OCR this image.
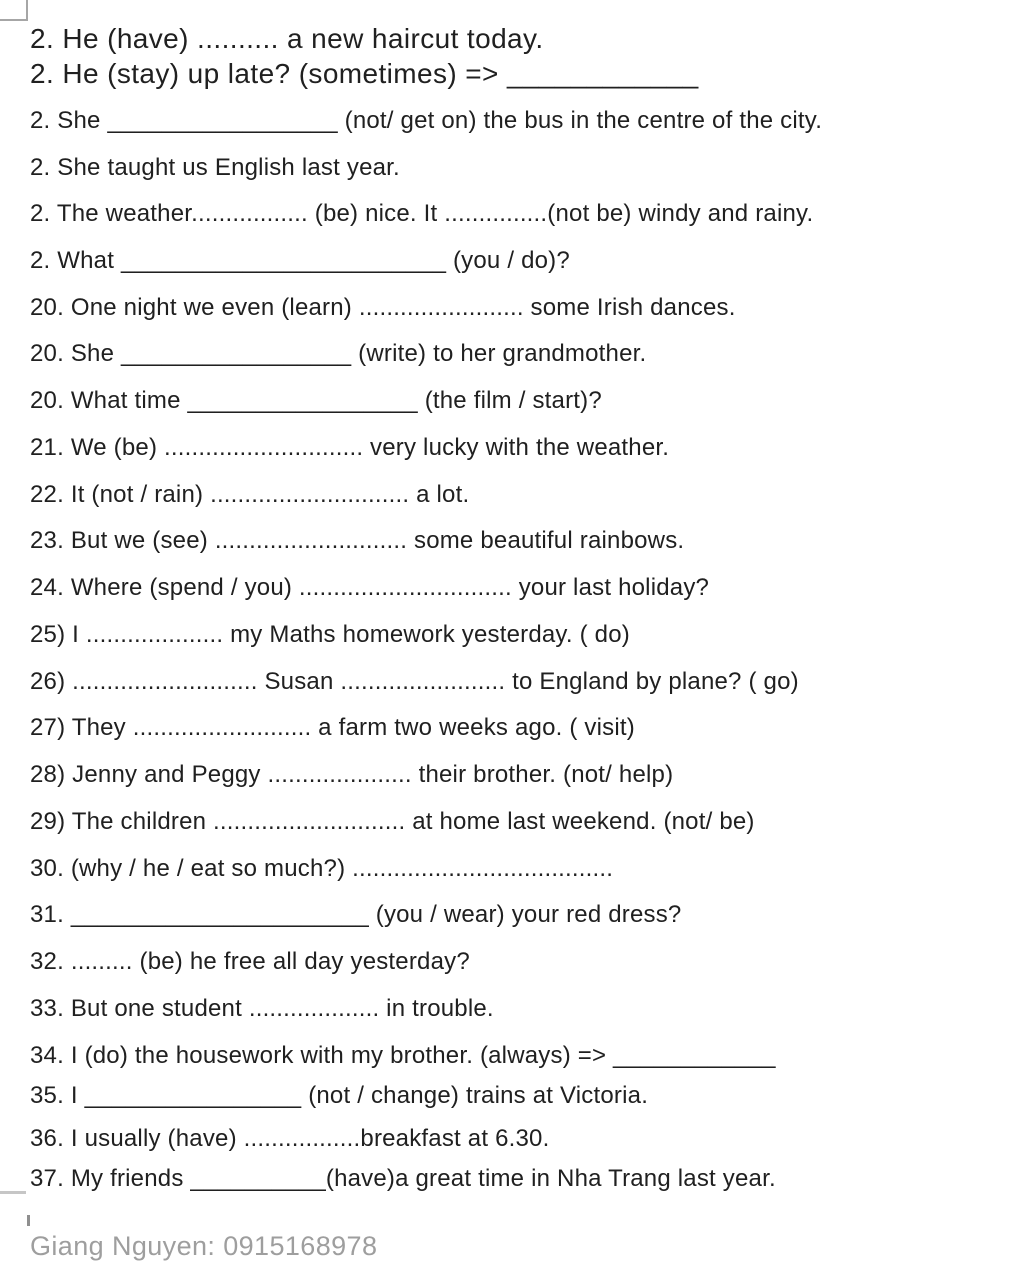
2. He (have) .......... a new haircut today.
2. He (stay) up late? (sometimes) => ____________
2. She _________________ (not/ get on) the bus in the centre of the city.
2. She taught us English last year.
2. The weather................. (be) nice. It ...............(not be) windy and rainy.
2. What ________________________ (you / do)?
20. One night we even (learn) ........................ some Irish dances.
20. She _________________ (write) to her grandmother.
20. What time _________________ (the film / start)?
21. We (be) ............................. very lucky with the weather.
22. It (not / rain) ............................. a lot.
23. But we (see) ............................ some beautiful rainbows.
24. Where (spend / you) ............................... your last holiday?
25) I .................... my Maths homework yesterday. ( do)
26) ........................... Susan ........................ to England by plane? ( go)
27) They .......................... a farm two weeks ago. ( visit)
28) Jenny and Peggy ..................... their brother. (not/ help)
29) The children ............................ at home last weekend. (not/ be)
30. (why / he / eat so much?) ......................................
31. ______________________ (you / wear) your red dress?
32. ......... (be) he free all day yesterday?
33. But one student ................... in trouble.
34. I (do) the housework with my brother. (always) => ____________
35. I ________________ (not / change) trains at Victoria.
36. I usually (have) .................breakfast at 6.30.
37. My friends __________(have)a great time in Nha Trang last year.
Giang Nguyen: 0915168978
